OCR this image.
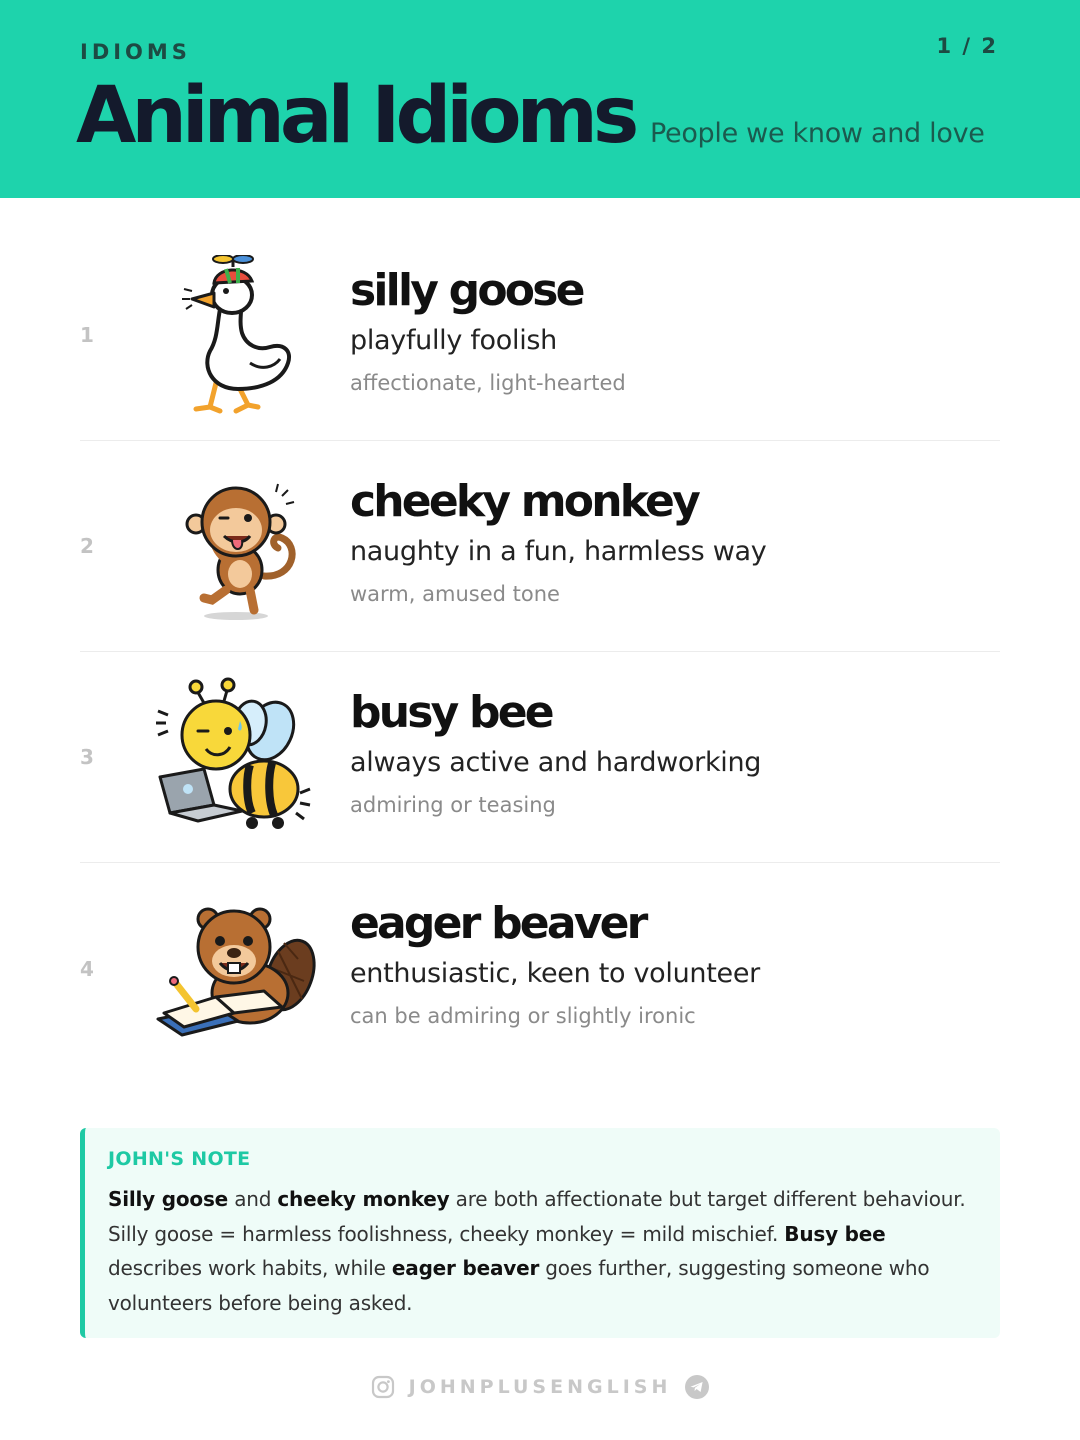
IDIOMS	1 / 2
Animal Idioms People we know and love
1
silly goose
playfully foolish
affectionate, light-hearted
2
cheeky monkey
naughty in a fun, harmless way
warm, amused tone
3
busy bee
always active and hardworking
admiring or teasing
4
eager beaver
enthusiastic, keen to volunteer
can be admiring or slightly ironic
JOHN'S NOTE
Silly goose and cheeky monkey are both affectionate but target different behaviour. Silly goose = harmless foolishness, cheeky monkey = mild mischief. Busy bee describes work habits, while eager beaver goes further, suggesting someone who volunteers before being asked.
JOHNPLUSENGLISH
